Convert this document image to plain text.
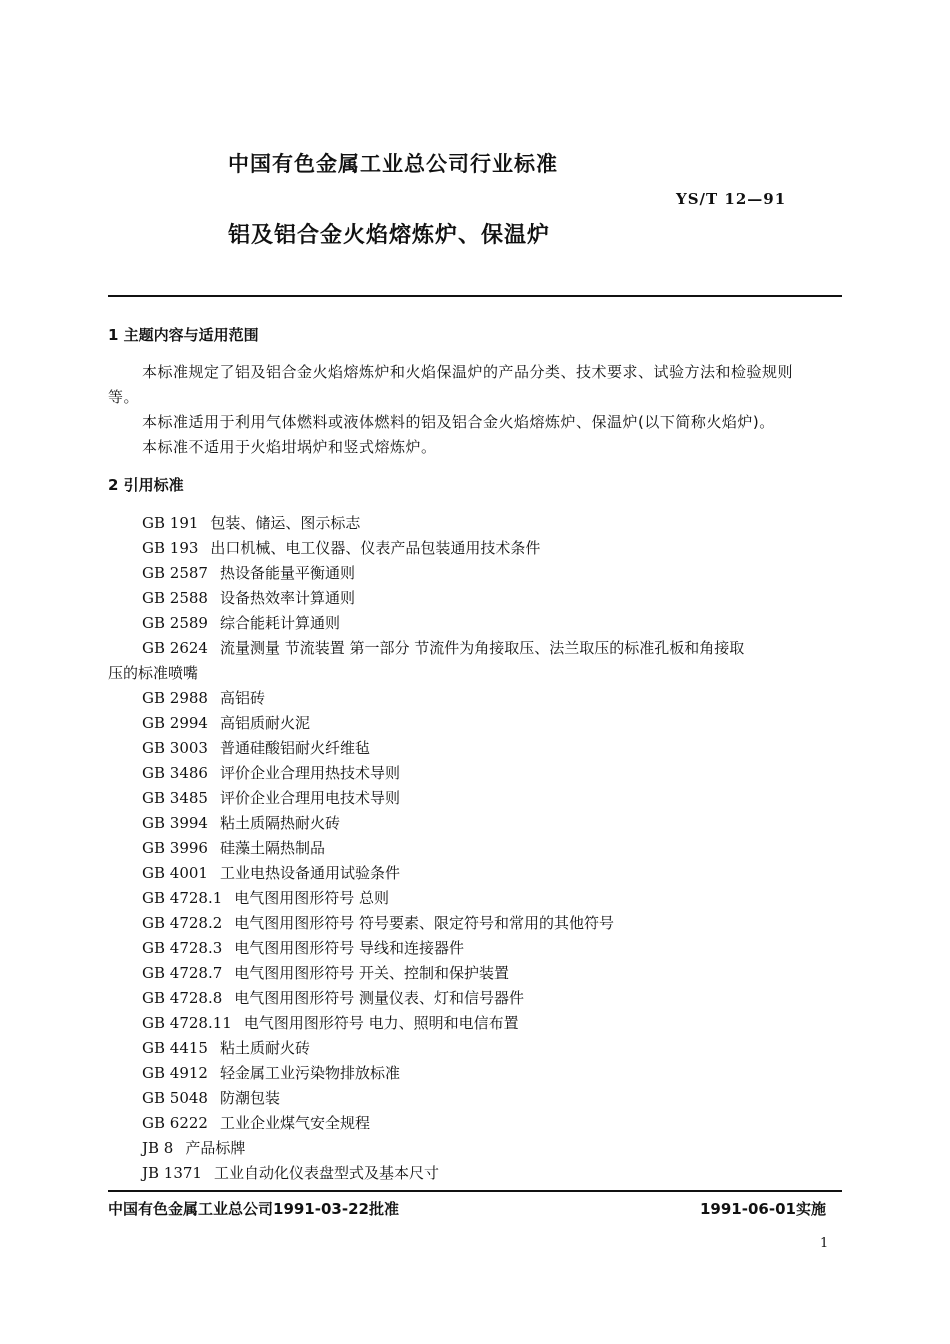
中国有色金属工业总公司行业标准
YS/T 12—91
铝及铝合金火焰熔炼炉、保温炉
1 主题内容与适用范围
本标准规定了铝及铝合金火焰熔炼炉和火焰保温炉的产品分类、技术要求、试验方法和检验规则
等。
本标准适用于利用气体燃料或液体燃料的铝及铝合金火焰熔炼炉、保温炉(以下简称火焰炉)。
本标准不适用于火焰坩埚炉和竖式熔炼炉。
2 引用标准
GB 191 包装、储运、图示标志
GB 193 出口机械、电工仪器、仪表产品包装通用技术条件
GB 2587 热设备能量平衡通则
GB 2588 设备热效率计算通则
GB 2589 综合能耗计算通则
GB 2624 流量测量 节流装置 第一部分 节流件为角接取压、法兰取压的标准孔板和角接取
压的标准喷嘴
GB 2988 高铝砖
GB 2994 高铝质耐火泥
GB 3003 普通硅酸铝耐火纤维毡
GB 3486 评价企业合理用热技术导则
GB 3485 评价企业合理用电技术导则
GB 3994 粘土质隔热耐火砖
GB 3996 硅藻土隔热制品
GB 4001 工业电热设备通用试验条件
GB 4728.1 电气图用图形符号 总则
GB 4728.2 电气图用图形符号 符号要素、限定符号和常用的其他符号
GB 4728.3 电气图用图形符号 导线和连接器件
GB 4728.7 电气图用图形符号 开关、控制和保护装置
GB 4728.8 电气图用图形符号 测量仪表、灯和信号器件
GB 4728.11 电气图用图形符号 电力、照明和电信布置
GB 4415 粘土质耐火砖
GB 4912 轻金属工业污染物排放标准
GB 5048 防潮包装
GB 6222 工业企业煤气安全规程
JB 8 产品标牌
JB 1371 工业自动化仪表盘型式及基本尺寸
中国有色金属工业总公司1991-03-22批准	1991-06-01实施
1
